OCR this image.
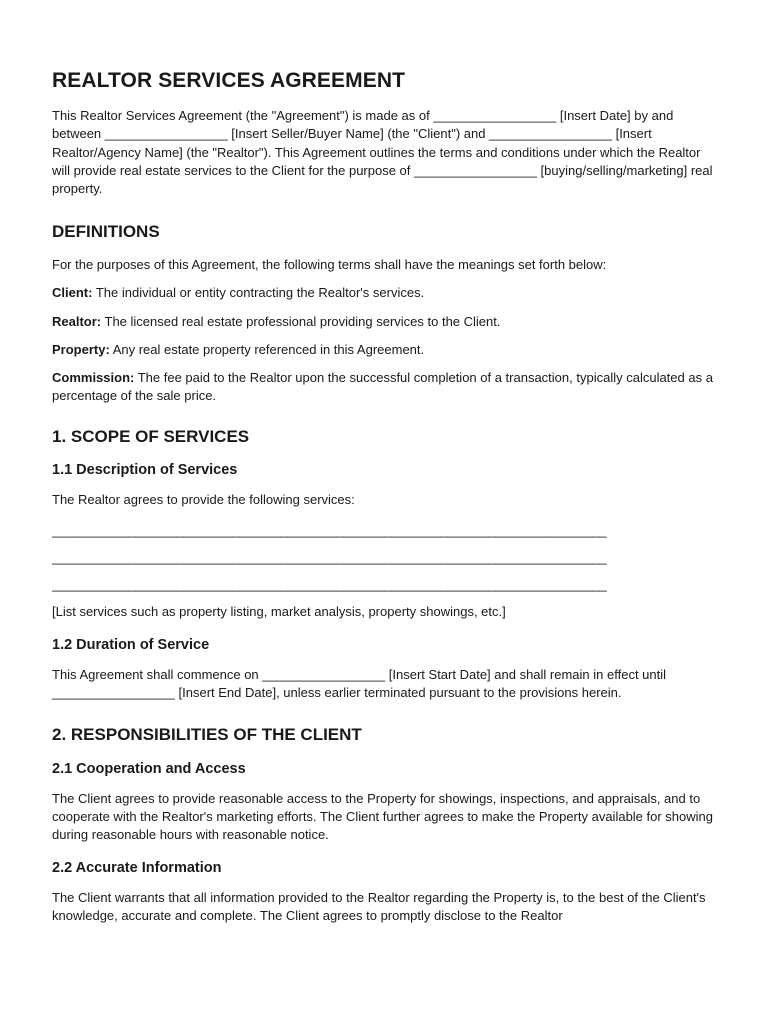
REALTOR SERVICES AGREEMENT

This Realtor Services Agreement (the "Agreement") is made as of _________________ [Insert Date] by and between _________________ [Insert Seller/Buyer Name] (the "Client") and _________________ [Insert Realtor/Agency Name] (the "Realtor"). This Agreement outlines the terms and conditions under which the Realtor will provide real estate services to the Client for the purpose of _________________ [buying/selling/marketing] real property.

DEFINITIONS

For the purposes of this Agreement, the following terms shall have the meanings set forth below:

Client: The individual or entity contracting the Realtor's services.

Realtor: The licensed real estate professional providing services to the Client.

Property: Any real estate property referenced in this Agreement.

Commission: The fee paid to the Realtor upon the successful completion of a transaction, typically calculated as a percentage of the sale price.

1. SCOPE OF SERVICES
1.1 Description of Services

The Realtor agrees to provide the following services:

________________________________________________________________________________
________________________________________________________________________________
________________________________________________________________________________

[List services such as property listing, market analysis, property showings, etc.]

1.2 Duration of Service

This Agreement shall commence on _________________ [Insert Start Date] and shall remain in effect until _________________ [Insert End Date], unless earlier terminated pursuant to the provisions herein.

2. RESPONSIBILITIES OF THE CLIENT
2.1 Cooperation and Access

The Client agrees to provide reasonable access to the Property for showings, inspections, and appraisals, and to cooperate with the Realtor's marketing efforts. The Client further agrees to make the Property available for showing during reasonable hours with reasonable notice.

2.2 Accurate Information

The Client warrants that all information provided to the Realtor regarding the Property is, to the best of the Client's knowledge, accurate and complete. The Client agrees to promptly disclose to the Realtor
